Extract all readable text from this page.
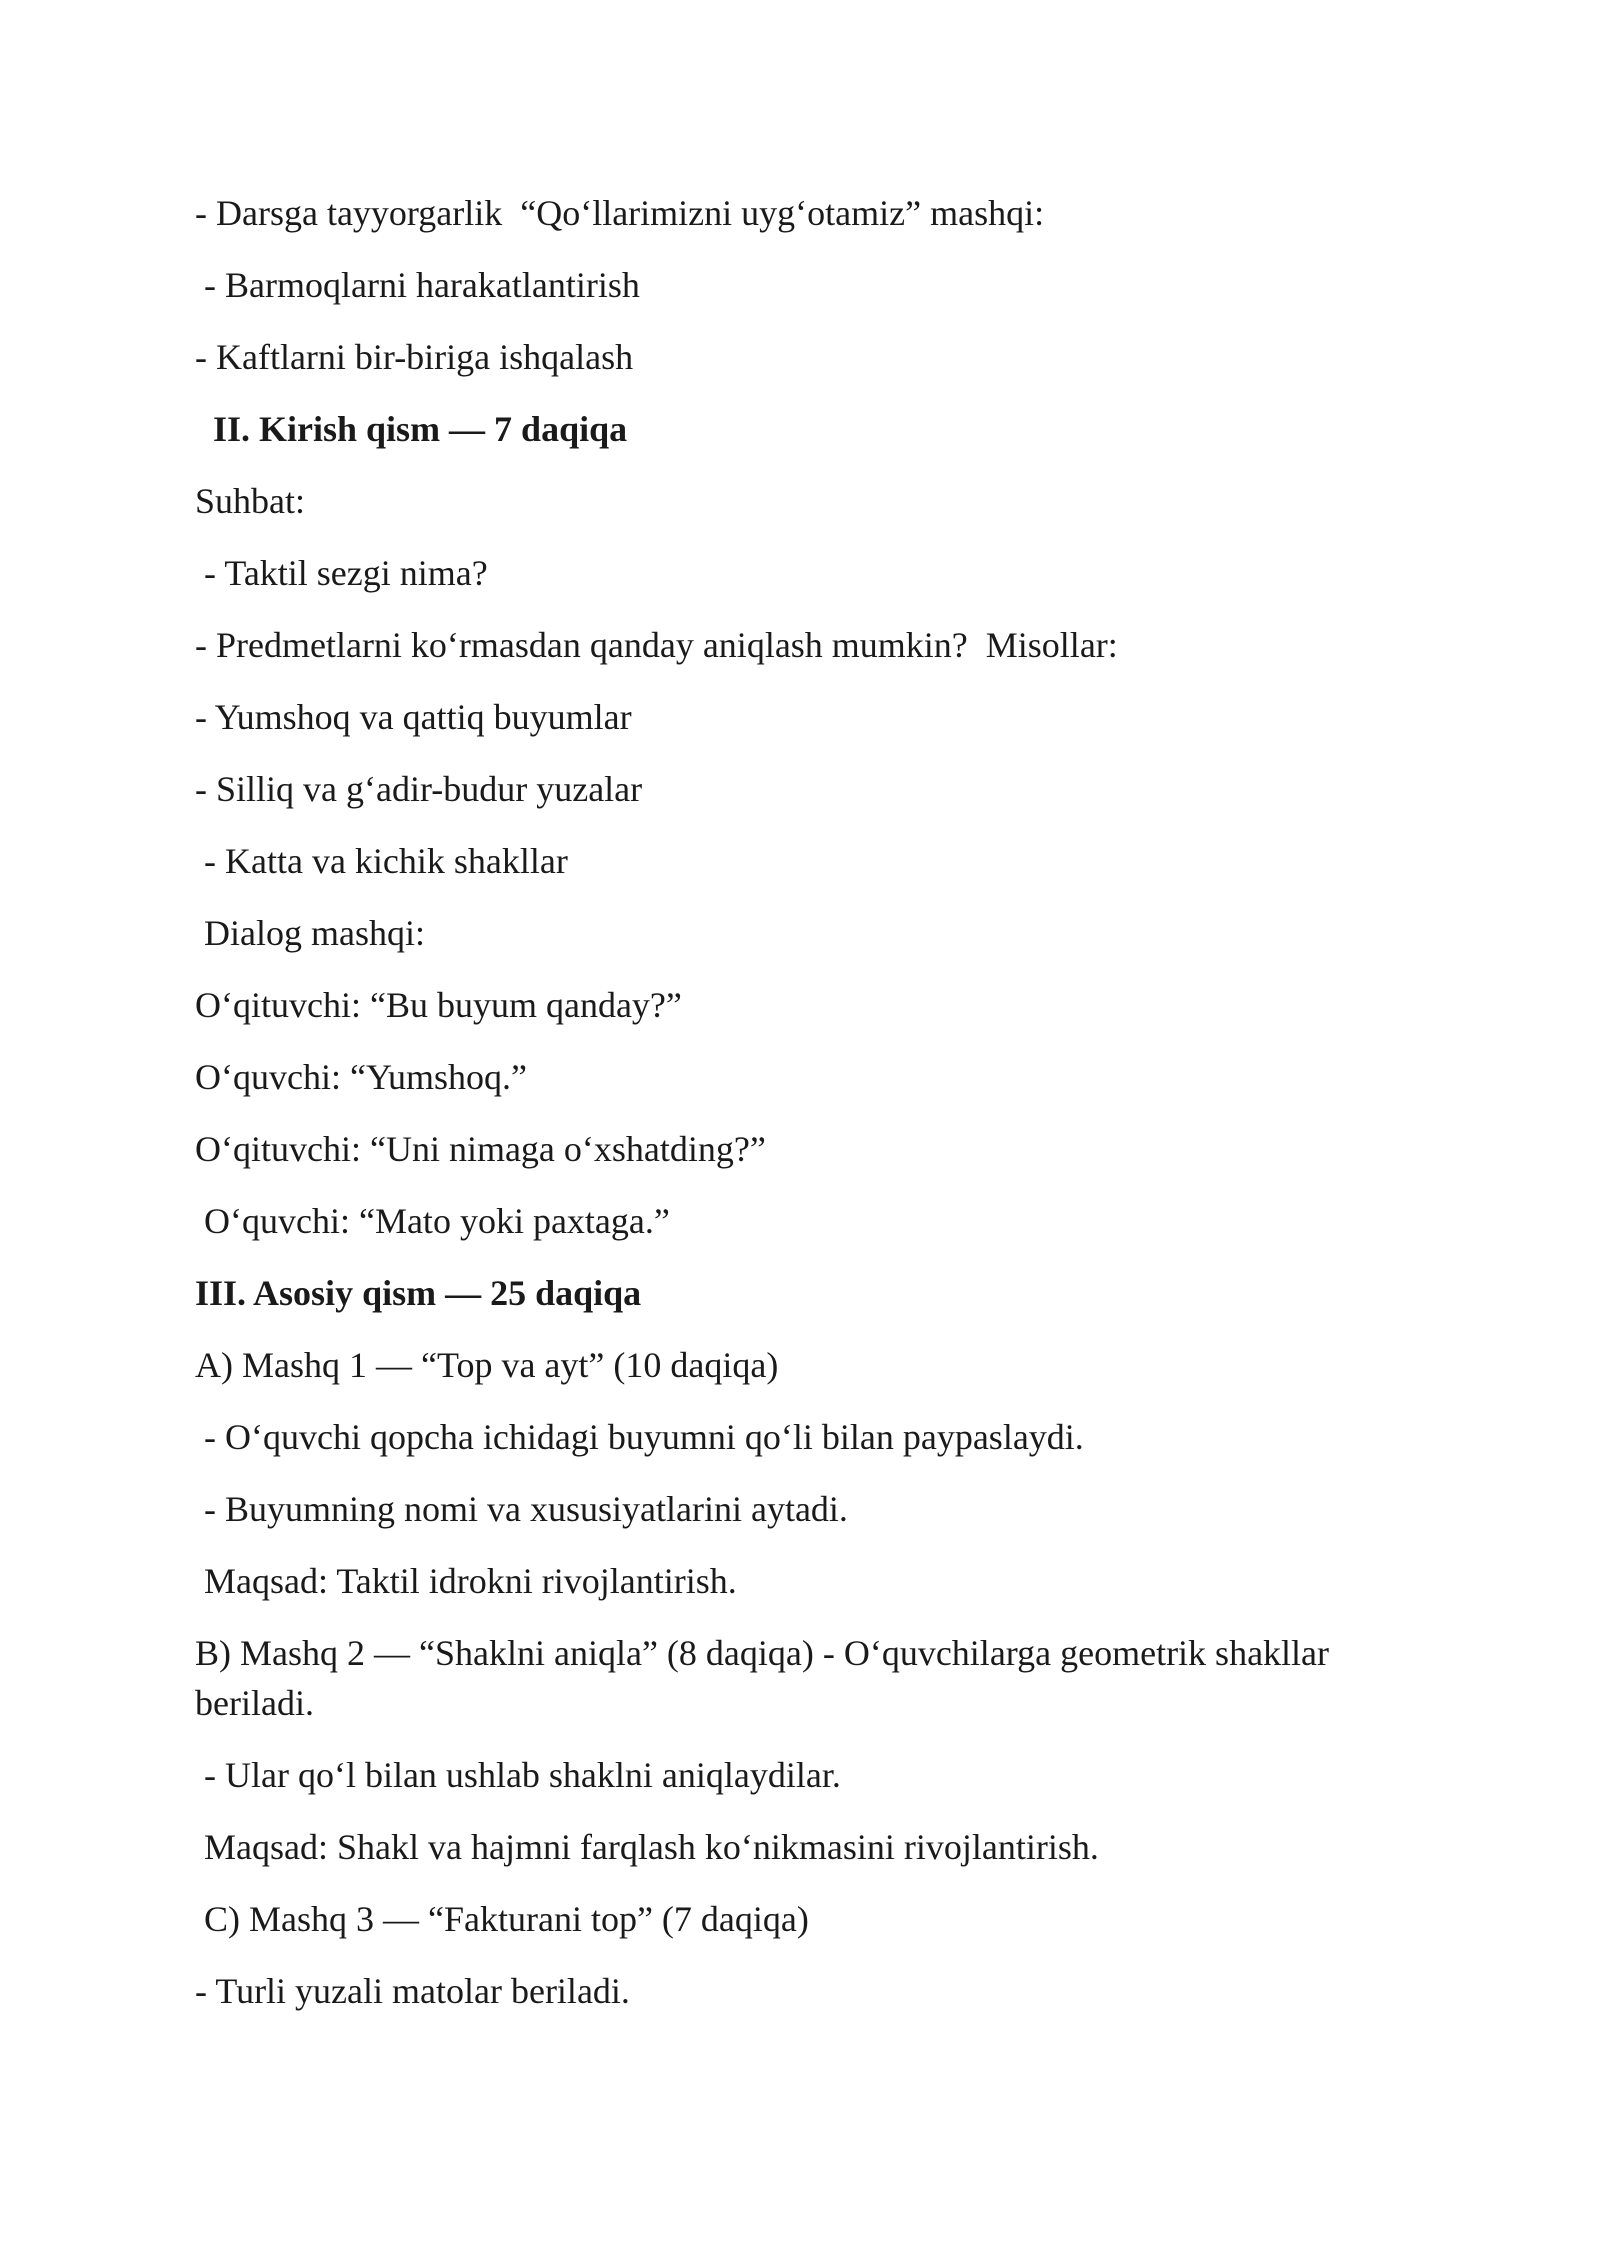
- Darsga tayyorgarlik  “Qo‘llarimizni uyg‘otamiz” mashqi:

- Barmoqlarni harakatlantirish

- Kaftlarni bir-biriga ishqalash

II. Kirish qism — 7 daqiqa

Suhbat:

- Taktil sezgi nima?

- Predmetlarni ko‘rmasdan qanday aniqlash mumkin?  Misollar:

- Yumshoq va qattiq buyumlar

- Silliq va g‘adir-budur yuzalar

- Katta va kichik shakllar

Dialog mashqi:

O‘qituvchi: “Bu buyum qanday?”

O‘quvchi: “Yumshoq.”

O‘qituvchi: “Uni nimaga o‘xshatding?”

O‘quvchi: “Mato yoki paxtaga.”

III. Asosiy qism — 25 daqiqa

A) Mashq 1 — “Top va ayt” (10 daqiqa)

- O‘quvchi qopcha ichidagi buyumni qo‘li bilan paypaslaydi.

- Buyumning nomi va xususiyatlarini aytadi.

Maqsad: Taktil idrokni rivojlantirish.

B) Mashq 2 — “Shaklni aniqla” (8 daqiqa) - O‘quvchilarga geometrik shakllar beriladi.

- Ular qo‘l bilan ushlab shaklni aniqlaydilar.

Maqsad: Shakl va hajmni farqlash ko‘nikmasini rivojlantirish.

C) Mashq 3 — “Fakturani top” (7 daqiqa)

- Turli yuzali matolar beriladi.
